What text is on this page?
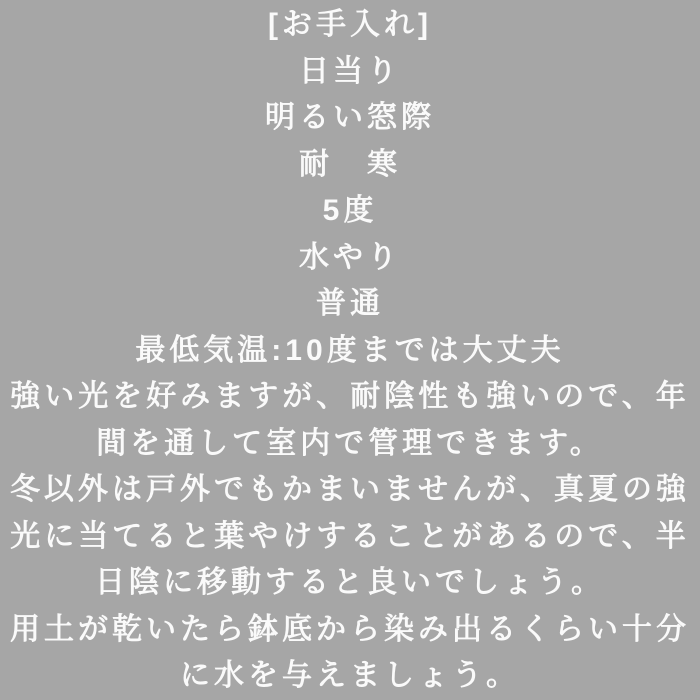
[お手入れ]
日当り
明るい窓際
耐　寒
5度
水やり
普通

最低気温:10度までは大丈夫

強い光を好みますが、耐陰性も強いので、年間を通して室内で管理できます。

冬以外は戸外でもかまいませんが、真夏の強光に当てると葉やけすることがあるので、半日陰に移動すると良いでしょう。

用土が乾いたら鉢底から染み出るくらい十分に水を与えましょう。
